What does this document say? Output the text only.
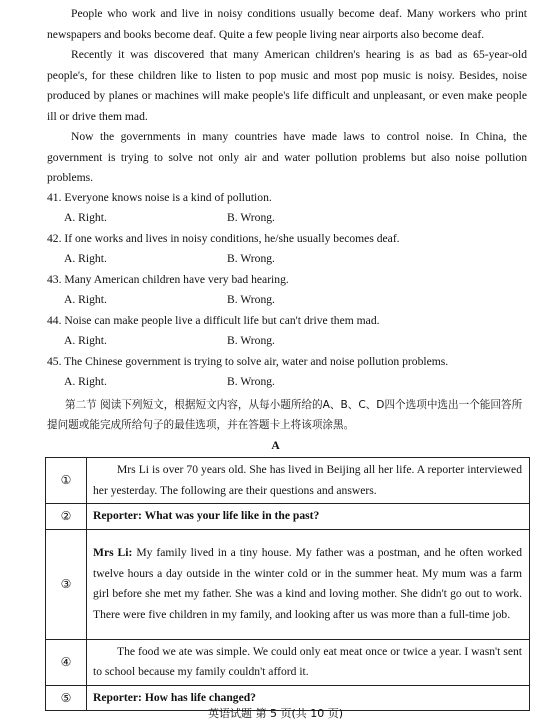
People who work and live in noisy conditions usually become deaf. Many workers who print newspapers and books become deaf. Quite a few people living near airports also become deaf.
Recently it was discovered that many American children's hearing is as bad as 65-year-old people's, for these children like to listen to pop music and most pop music is noisy. Besides, noise produced by planes or machines will make people's life difficult and unpleasant, or even make people ill or drive them mad.
Now the governments in many countries have made laws to control noise. In China, the government is trying to solve not only air and water pollution problems but also noise pollution problems.
41. Everyone knows noise is a kind of pollution.
A. Right.	B. Wrong.
42. If one works and lives in noisy conditions, he/she usually becomes deaf.
A. Right.	B. Wrong.
43. Many American children have very bad hearing.
A. Right.	B. Wrong.
44. Noise can make people live a difficult life but can't drive them mad.
A. Right.	B. Wrong.
45. The Chinese government is trying to solve air, water and noise pollution problems.
A. Right.	B. Wrong.
第二节 阅读下列短文，根据短文内容，从每小题所给的A、B、C、D四个选项中选出一个能回答所提问题或能完成所给句子的最佳选项，并在答题卡上将该项涂黑。
A
①	Mrs Li is over 70 years old. She has lived in Beijing all her life. A reporter interviewed her yesterday. The following are their questions and answers.
②	Reporter: What was your life like in the past?
③	Mrs Li: My family lived in a tiny house. My father was a postman, and he often worked twelve hours a day outside in the winter cold or in the summer heat. My mum was a farm girl before she met my father. She was a kind and loving mother. She didn't go out to work. There were five children in my family, and looking after us was more than a full-time job.
④	The food we ate was simple. We could only eat meat once or twice a year. I wasn't sent to school because my family couldn't afford it.
⑤	Reporter: How has life changed?
英语试题 第 5 页(共 10 页)
